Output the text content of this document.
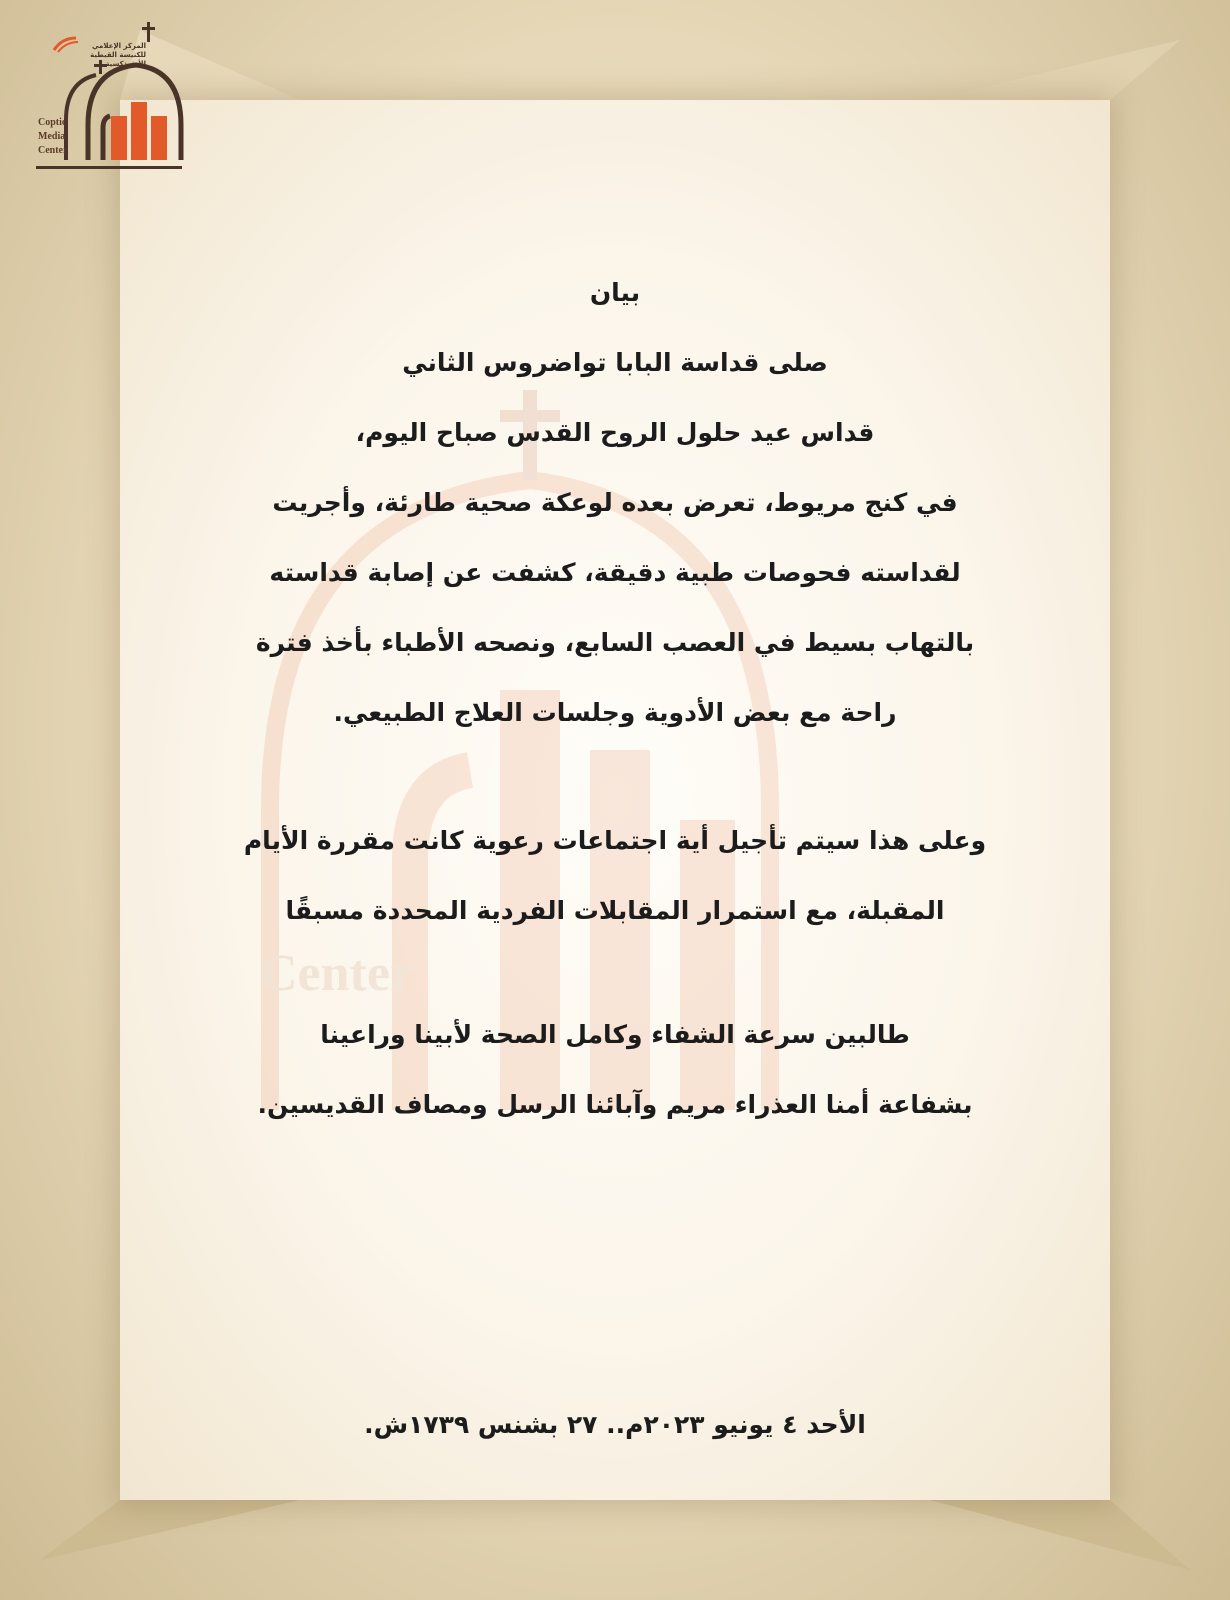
Center
المركز الإعلامي
للكنيسة القبطية الأرثوذكسية
Coptic
Media
Center
بيان
صلى قداسة البابا تواضروس الثاني
قداس عيد حلول الروح القدس صباح اليوم،
في كنج مريوط، تعرض بعده لوعكة صحية طارئة، وأجريت
لقداسته فحوصات طبية دقيقة، كشفت عن إصابة قداسته
بالتهاب بسيط في العصب السابع، ونصحه الأطباء بأخذ فترة
راحة مع بعض الأدوية وجلسات العلاج الطبيعي.
وعلى هذا سيتم تأجيل أية اجتماعات رعوية كانت مقررة الأيام
المقبلة، مع استمرار المقابلات الفردية المحددة مسبقًا
طالبين سرعة الشفاء وكامل الصحة لأبينا وراعينا
بشفاعة أمنا العذراء مريم وآبائنا الرسل ومصاف القديسين.
الأحد ٤ يونيو ٢٠٢٣م.. ٢٧ بشنس ١٧٣٩ش.
